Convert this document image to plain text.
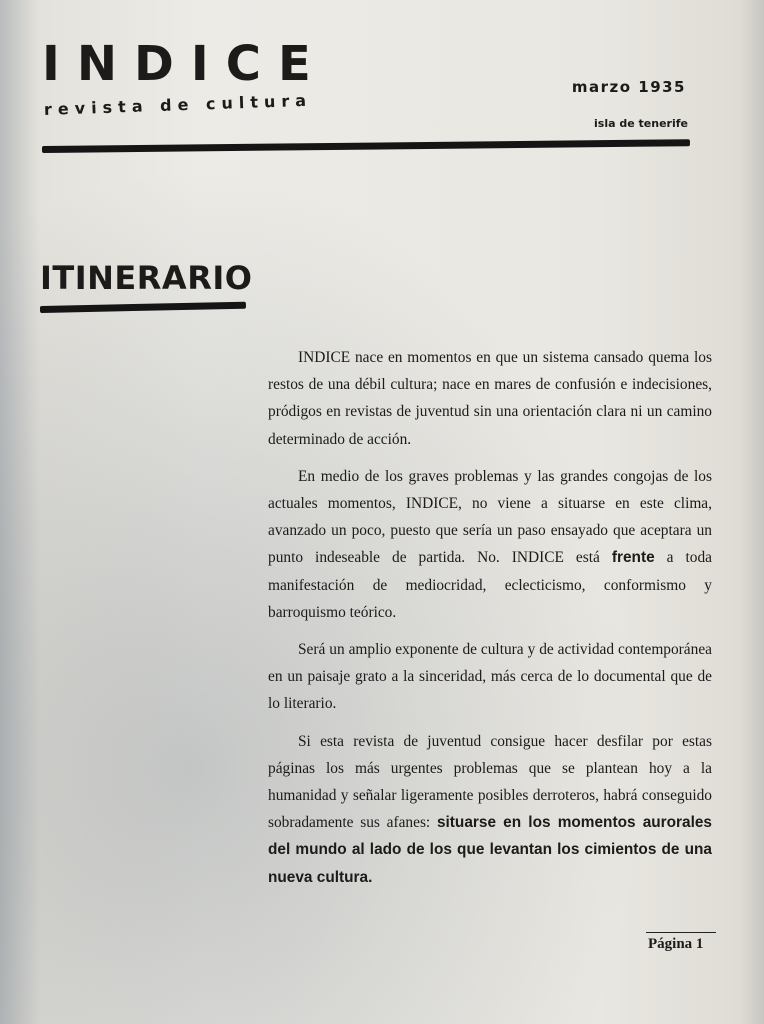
INDICE
revista de cultura
marzo 1935
isla de tenerife
ITINERARIO

INDICE nace en momentos en que un sistema cansado quema los restos de una débil cultura; nace en mares de confusión e indecisiones, pródigos en revistas de juventud sin una orientación clara ni un camino determinado de acción.

En medio de los graves problemas y las grandes congojas de los actuales momentos, INDICE, no viene a situarse en este clima, avanzado un poco, puesto que sería un paso ensayado que aceptara un punto indeseable de partida. No. INDICE está frente a toda manifestación de mediocridad, eclecticismo, conformismo y barroquismo teórico.

Será un amplio exponente de cultura y de actividad contemporánea en un paisaje grato a la sinceridad, más cerca de lo documental que de lo literario.

Si esta revista de juventud consigue hacer desfilar por estas páginas los más urgentes problemas que se plantean hoy a la humanidad y señalar ligeramente posibles derroteros, habrá conseguido sobradamente sus afanes: situarse en los momentos aurorales del mundo al lado de los que levantan los cimientos de una nueva cultura.

Página 1
